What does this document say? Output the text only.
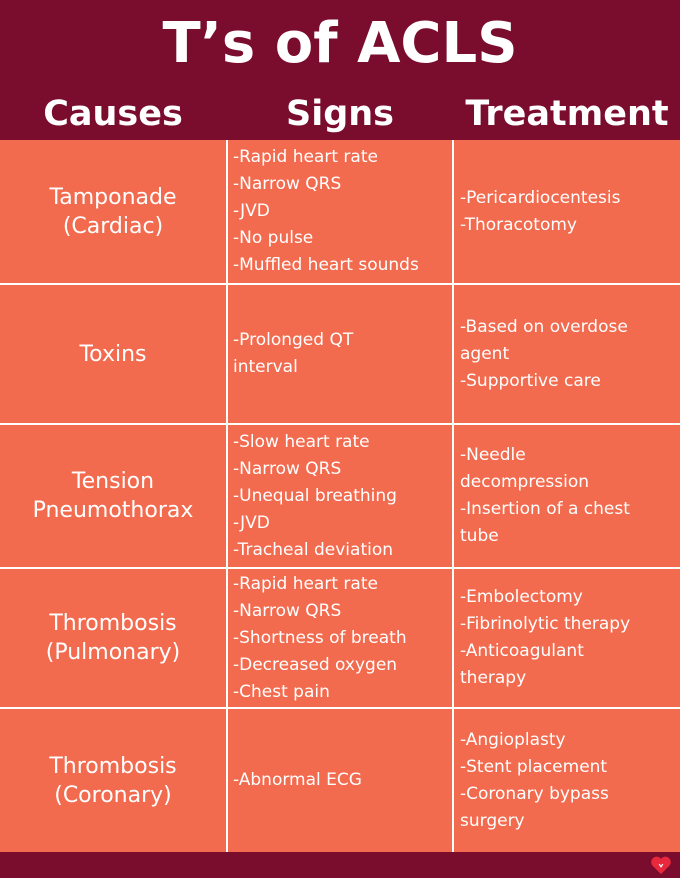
T’s of ACLS
Causes	Signs	Treatment
Tamponade
(Cardiac)
-Rapid heart rate
-Narrow QRS
-JVD
-No pulse
-Muffled heart sounds
-Pericardiocentesis
-Thoracotomy
Toxins
-Prolonged QT
interval
-Based on overdose
agent
-Supportive care
Tension
Pneumothorax
-Slow heart rate
-Narrow QRS
-Unequal breathing
-JVD
-Tracheal deviation
-Needle
decompression
-Insertion of a chest
tube
Thrombosis
(Pulmonary)
-Rapid heart rate
-Narrow QRS
-Shortness of breath
-Decreased oxygen
-Chest pain
-Embolectomy
-Fibrinolytic therapy
-Anticoagulant
therapy
Thrombosis
(Coronary)
-Abnormal ECG
-Angioplasty
-Stent placement
-Coronary bypass
surgery
